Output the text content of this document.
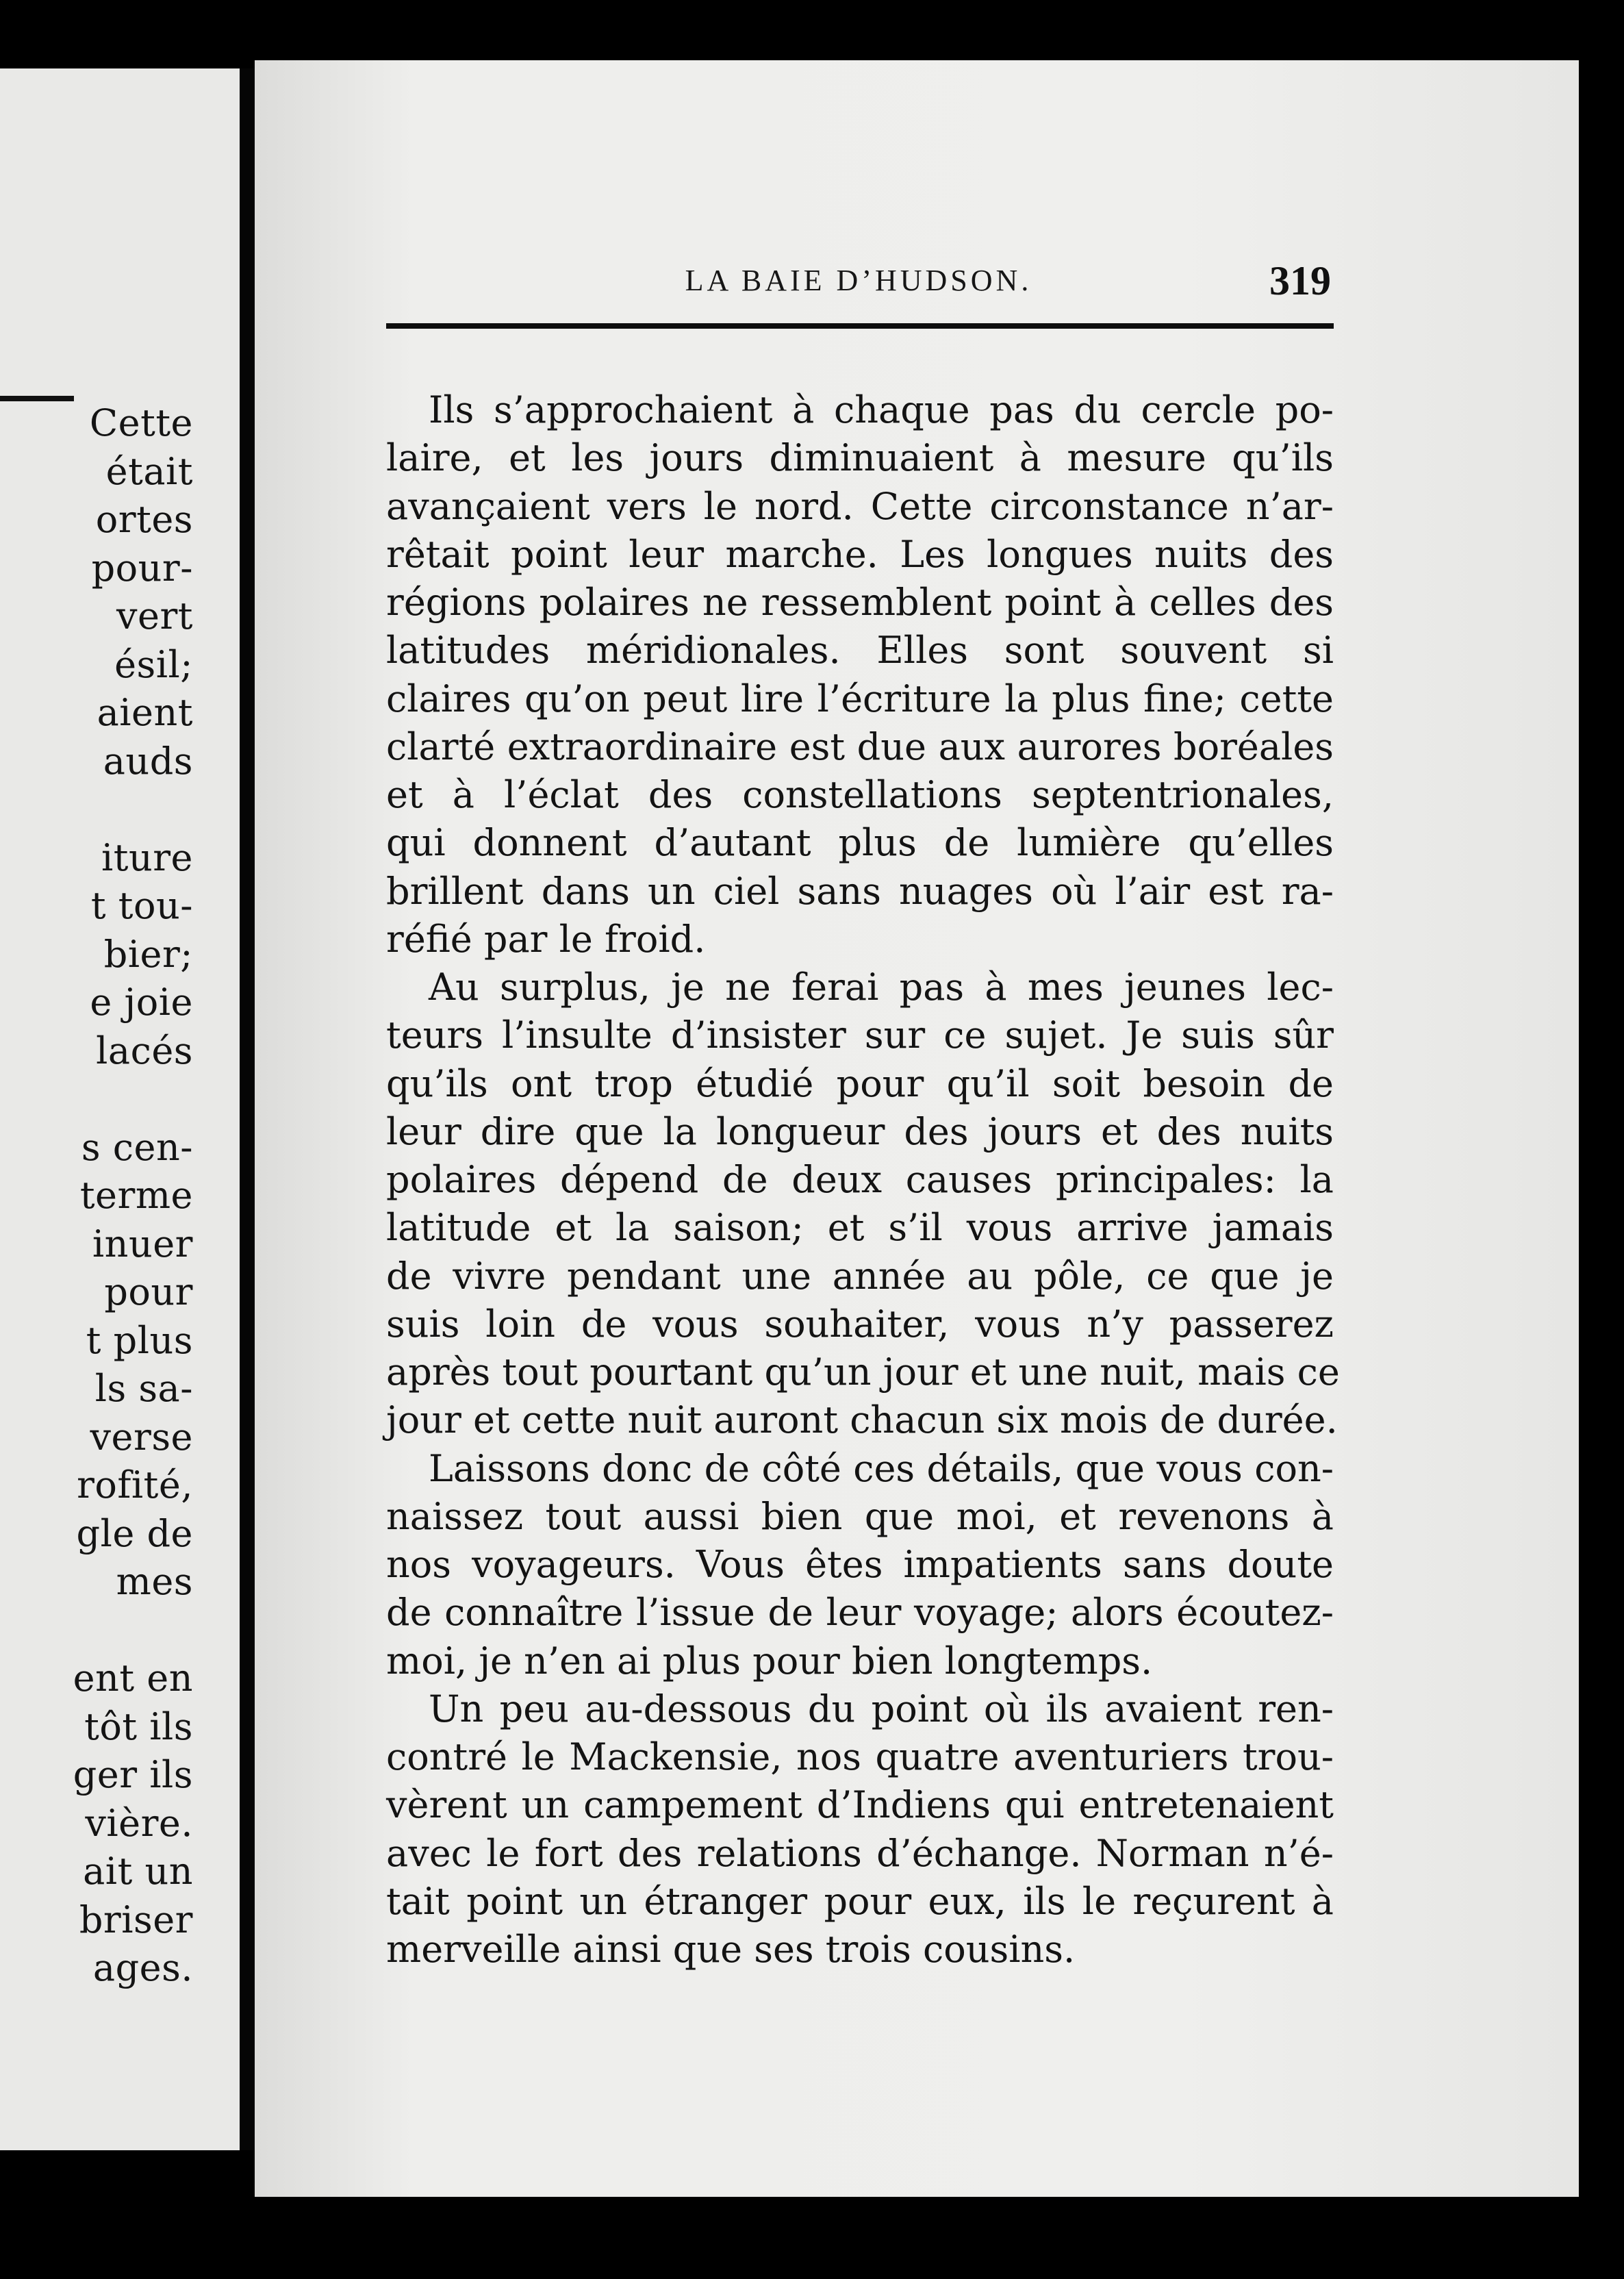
Cette
était
ortes
pour-
vert
ésil;
aient
auds
iture
t tou-
bier;
e joie
lacés
s cen-
terme
inuer
pour
t plus
ls sa-
verse
rofité,
gle de
mes
ent en
tôt ils
ger ils
vière.
ait un
briser
ages.
LA BAIE D’HUDSON.	319
Ils s’approchaient à chaque pas du cercle po-
laire, et les jours diminuaient à mesure qu’ils
avançaient vers le nord. Cette circonstance n’ar-
rêtait point leur marche. Les longues nuits des
régions polaires ne ressemblent point à celles des
latitudes méridionales. Elles sont souvent si
claires qu’on peut lire l’écriture la plus fine; cette
clarté extraordinaire est due aux aurores boréales
et à l’éclat des constellations septentrionales,
qui donnent d’autant plus de lumière qu’elles
brillent dans un ciel sans nuages où l’air est ra-
réfié par le froid.
Au surplus, je ne ferai pas à mes jeunes lec-
teurs l’insulte d’insister sur ce sujet. Je suis sûr
qu’ils ont trop étudié pour qu’il soit besoin de
leur dire que la longueur des jours et des nuits
polaires dépend de deux causes principales: la
latitude et la saison; et s’il vous arrive jamais
de vivre pendant une année au pôle, ce que je
suis loin de vous souhaiter, vous n’y passerez
après tout pourtant qu’un jour et une nuit, mais ce
jour et cette nuit auront chacun six mois de durée.
Laissons donc de côté ces détails, que vous con-
naissez tout aussi bien que moi, et revenons à
nos voyageurs. Vous êtes impatients sans doute
de connaître l’issue de leur voyage; alors écoutez-
moi, je n’en ai plus pour bien longtemps.
Un peu au-dessous du point où ils avaient ren-
contré le Mackensie, nos quatre aventuriers trou-
vèrent un campement d’Indiens qui entretenaient
avec le fort des relations d’échange. Norman n’é-
tait point un étranger pour eux, ils le reçurent à
merveille ainsi que ses trois cousins.
